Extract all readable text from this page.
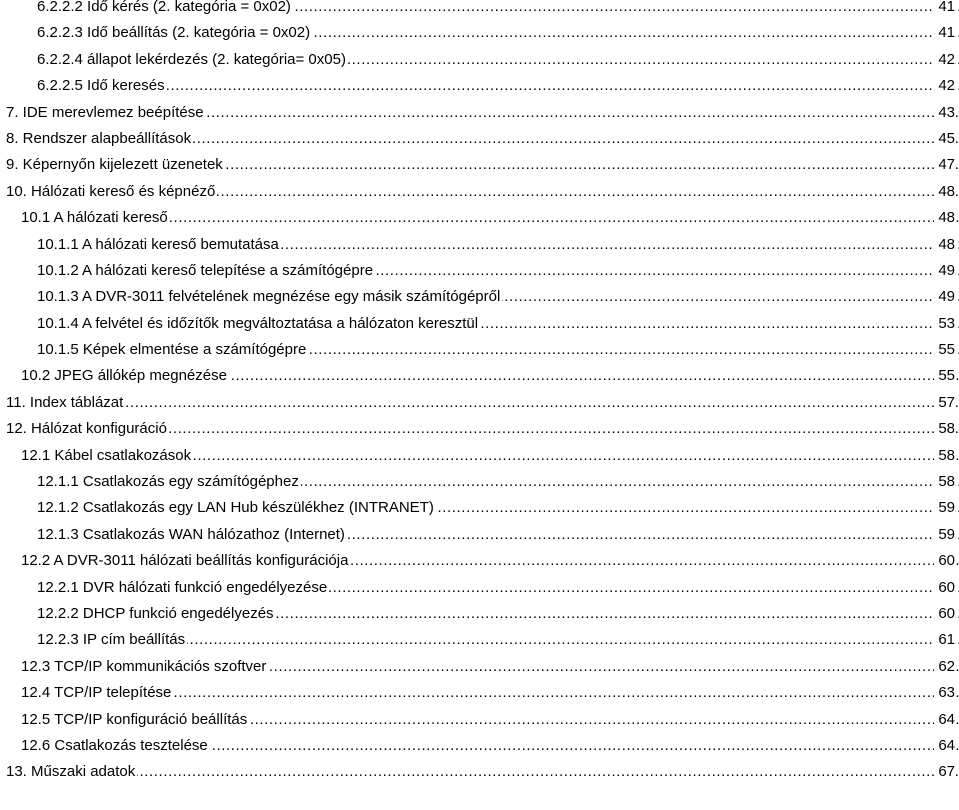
.....
6.2.2.2 Idő kérés (2. kategória = 0x02)	41
.....
6.2.2.3 Idő beállítás (2. kategória = 0x02)	41
.....
6.2.2.4 állapot lekérdezés (2. kategória= 0x05)	42
.....
6.2.2.5 Idő keresés	42
.....
7. IDE merevlemez beépítése	43
.....
8. Rendszer alapbeállítások	45
.....
9. Képernyőn kijelezett üzenetek	47
.....
10. Hálózati kereső és képnéző	48
.....
10.1 A hálózati kereső	48
.....
10.1.1 A hálózati kereső bemutatása	48
.....
10.1.2 A hálózati kereső telepítése a számítógépre	49
.....
10.1.3 A DVR-3011 felvételének megnézése egy másik számítógépről	49
.....
10.1.4 A felvétel és időzítők megváltoztatása a hálózaton keresztül	53
.....
10.1.5 Képek elmentése a számítógépre	55
.....
10.2 JPEG állókép megnézése	55
.....
11. Index táblázat	57
.....
12. Hálózat konfiguráció	58
.....
12.1 Kábel csatlakozások	58
.....
12.1.1 Csatlakozás egy számítógéphez	58
.....
12.1.2 Csatlakozás egy LAN Hub készülékhez (INTRANET)	59
.....
12.1.3 Csatlakozás WAN hálózathoz (Internet)	59
.....
12.2 A DVR-3011 hálózati beállítás konfigurációja	60
.....
12.2.1 DVR hálózati funkció engedélyezése	60
.....
12.2.2 DHCP funkció engedélyezés	60
.....
12.2.3 IP cím beállítás	61
.....
12.3 TCP/IP kommunikációs szoftver	62
.....
12.4 TCP/IP telepítése	63
.....
12.5 TCP/IP konfiguráció beállítás	64
.....
12.6 Csatlakozás tesztelése	64
.....
13. Műszaki adatok	67
